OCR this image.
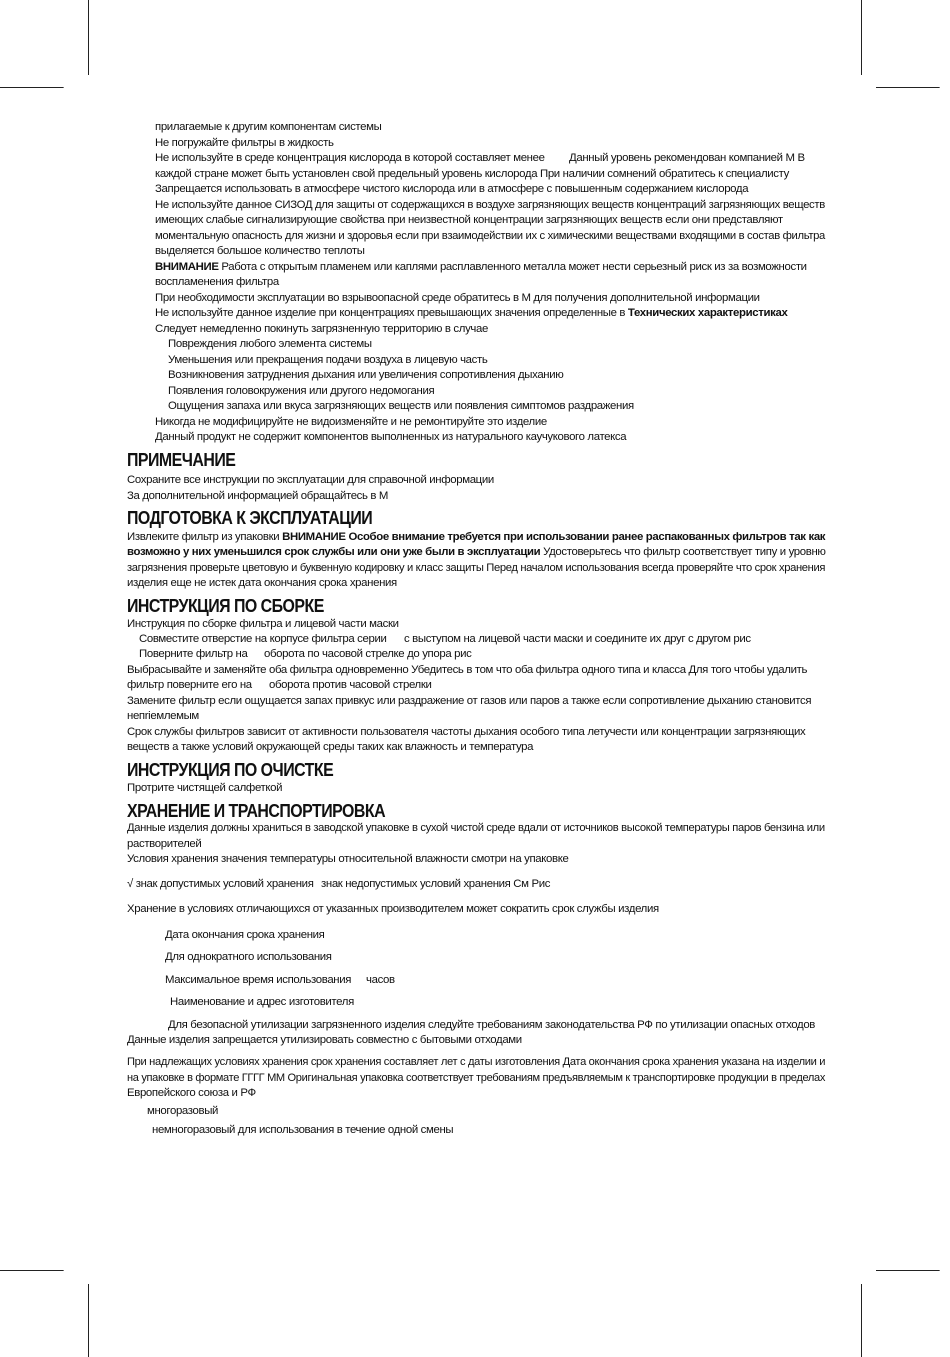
прилагаемые к другим компонентам системы
Не погружайте фильтры в жидкость
Не используйте в среде концентрация кислорода в которой составляет менее Данный уровень рекомендован компанией М В
каждой стране может быть установлен свой предельный уровень кислорода При наличии сомнений обратитесь к специалисту
Запрещается использовать в атмосфере чистого кислорода или в атмосфере с повышенным содержанием кислорода
Не используйте данное СИЗОД для защиты от содержащихся в воздухе загрязняющих веществ концентраций загрязняющих веществ
имеющих слабые сигнализирующие свойства при неизвестной концентрации загрязняющих веществ если они представляют
моментальную опасность для жизни и здоровья если при взаимодействии их с химическими веществами входящими в состав фильтра
выделяется большое количество теплоты
ВНИМАНИЕ Работа с открытым пламенем или каплями расплавленного металла может нести серьезный риск из за возможности
воспламенения фильтра
При необходимости эксплуатации во взрывоопасной среде обратитесь в М для получения дополнительной информации
Не используйте данное изделие при концентрациях превышающих значения определенные в Технических характеристиках
Следует немедленно покинуть загрязненную территорию в случае
Повреждения любого элемента системы
Уменьшения или прекращения подачи воздуха в лицевую часть
Возникновения затруднения дыхания или увеличения сопротивления дыханию
Появления головокружения или другого недомогания
Ощущения запаха или вкуса загрязняющих веществ или появления симптомов раздражения
Никогда не модифицируйте не видоизменяйте и не ремонтируйте это изделие
Данный продукт не содержит компонентов выполненных из натурального каучукового латекса
ПРИМЕЧАНИЕ
Сохраните все инструкции по эксплуатации для справочной информации
За дополнительной информацией обращайтесь в М
ПОДГОТОВКА К ЭКСПЛУАТАЦИИ
Извлеките фильтр из упаковки ВНИМАНИЕ Особое внимание требуется при использовании ранее распакованных фильтров так как
возможно у них уменьшился срок службы или они уже были в эксплуатации Удостоверьтесь что фильтр соответствует типу и уровню
загрязнения проверьте цветовую и буквенную кодировку и класс защиты Перед началом использования всегда проверяйте что срок хранения
изделия еще не истек дата окончания срока хранения
ИНСТРУКЦИЯ ПО СБОРКЕ
Инструкция по сборке фильтра и лицевой части маски
Совместите отверстие на корпусе фильтра серии с выступом на лицевой части маски и соедините их друг с другом рис
Поверните фильтр на оборота по часовой стрелке до упора рис
Выбрасывайте и заменяйте оба фильтра одновременно Убедитесь в том что оба фильтра одного типа и класса Для того чтобы удалить
фильтр поверните его на оборота против часовой стрелки
Замените фильтр если ощущается запах привкус или раздражение от газов или паров а также если сопротивление дыханию становится
непriемлемым
Срок службы фильтров зависит от активности пользователя частоты дыхания особого типа летучести или концентрации загрязняющих
веществ а также условий окружающей среды таких как влажность и температура
ИНСТРУКЦИЯ ПО ОЧИСТКЕ
Протрите чистящей салфеткой
ХРАНЕНИЕ И ТРАНСПОРТИРОВКА
Данные изделия должны храниться в заводской упаковке в сухой чистой среде вдали от источников высокой температуры паров бензина или
растворителей
Условия хранения значения температуры относительной влажности смотри на упаковке
√ знак допустимых условий хранения знак недопустимых условий хранения См Рис
Хранение в условиях отличающихся от указанных производителем может сократить срок службы изделия
Дата окончания срока хранения
Для однократного использования
Максимальное время использования часов
Наименование и адрес изготовителя
Для безопасной утилизации загрязненного изделия следуйте требованиям законодательства РФ по утилизации опасных отходов
Данные изделия запрещается утилизировать совместно с бытовыми отходами
При надлежащих условиях хранения срок хранения составляет лет с даты изготовления Дата окончания срока хранения указана на изделии и
на упаковке в формате ГГГГ ММ Оригинальная упаковка соответствует требованиям предъявляемым к транспортировке продукции в пределах
Европейского союза и РФ
многоразовый
немногоразовый для использования в течение одной смены
